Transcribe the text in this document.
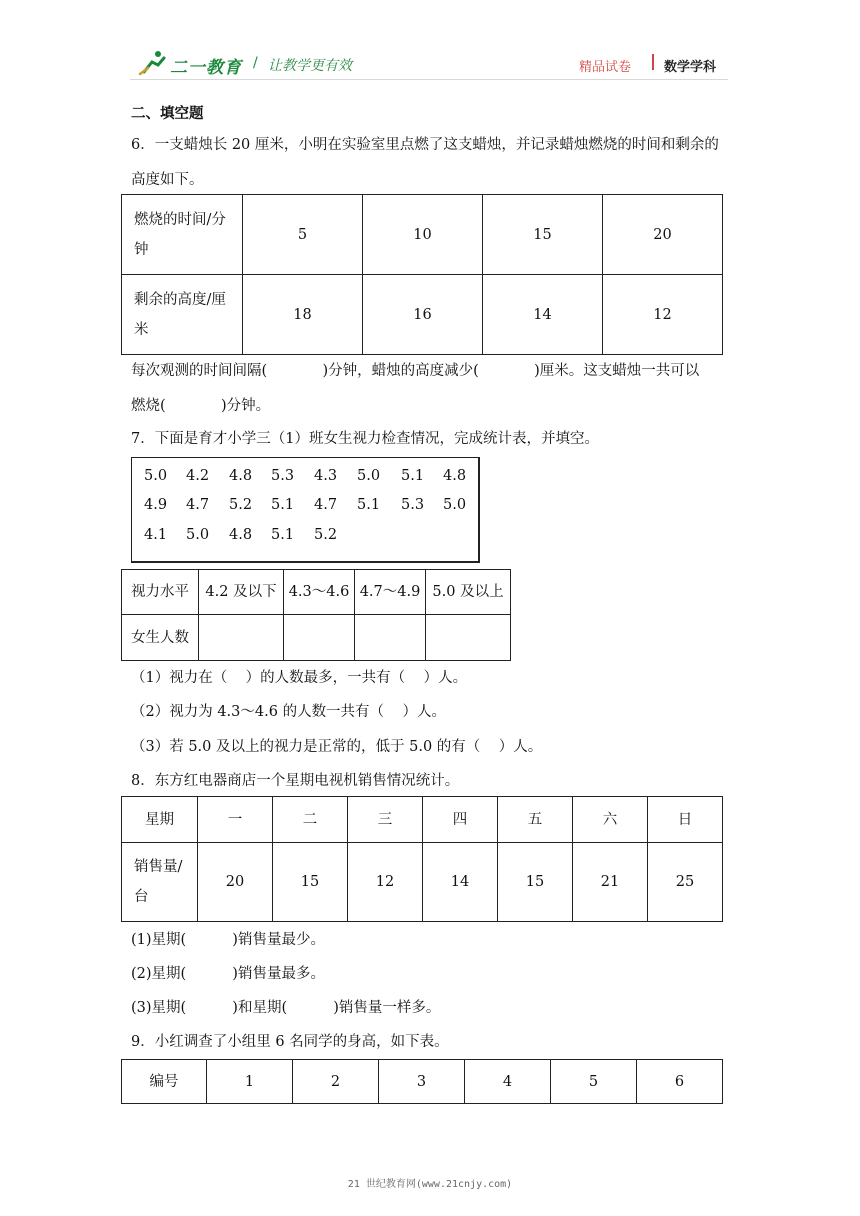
二一教育 / 让教学更有效	精品试卷	数学学科
二、填空题
6．一支蜡烛长 20 厘米，小明在实验室里点燃了这支蜡烛，并记录蜡烛燃烧的时间和剩余的
高度如下。
燃烧的时间/分
钟	5	10	15	20

剩余的高度/厘
米	18	16	14	12
每次观测的时间间隔(            )分钟，蜡烛的高度减少(            )厘米。这支蜡烛一共可以
燃烧(            )分钟。
7．下面是育才小学三（1）班女生视力检查情况，完成统计表，并填空。
5.0 4.2 4.8 5.3 4.3 5.0 5.1 4.8
4.9 4.7 5.2 5.1 4.7 5.1 5.3 5.0
4.1 5.0 4.8 5.1 5.2
视力水平	4.2 及以下	4.3～4.6	4.7～4.9	5.0 及以上
女生人数				
（1）视力在（    ）的人数最多，一共有（    ）人。
（2）视力为 4.3～4.6 的人数一共有（    ）人。
（3）若 5.0 及以上的视力是正常的，低于 5.0 的有（    ）人。
8．东方红电器商店一个星期电视机销售情况统计。
星期	一	二	三	四	五	六	日

销售量/
台	20	15	12	14	15	21	25
(1)星期(          )销售量最少。
(2)星期(          )销售量最多。
(3)星期(          )和星期(          )销售量一样多。
9．小红调查了小组里 6 名同学的身高，如下表。
编号	1	2	3	4	5	6
21 世纪教育网(www.21cnjy.com)
